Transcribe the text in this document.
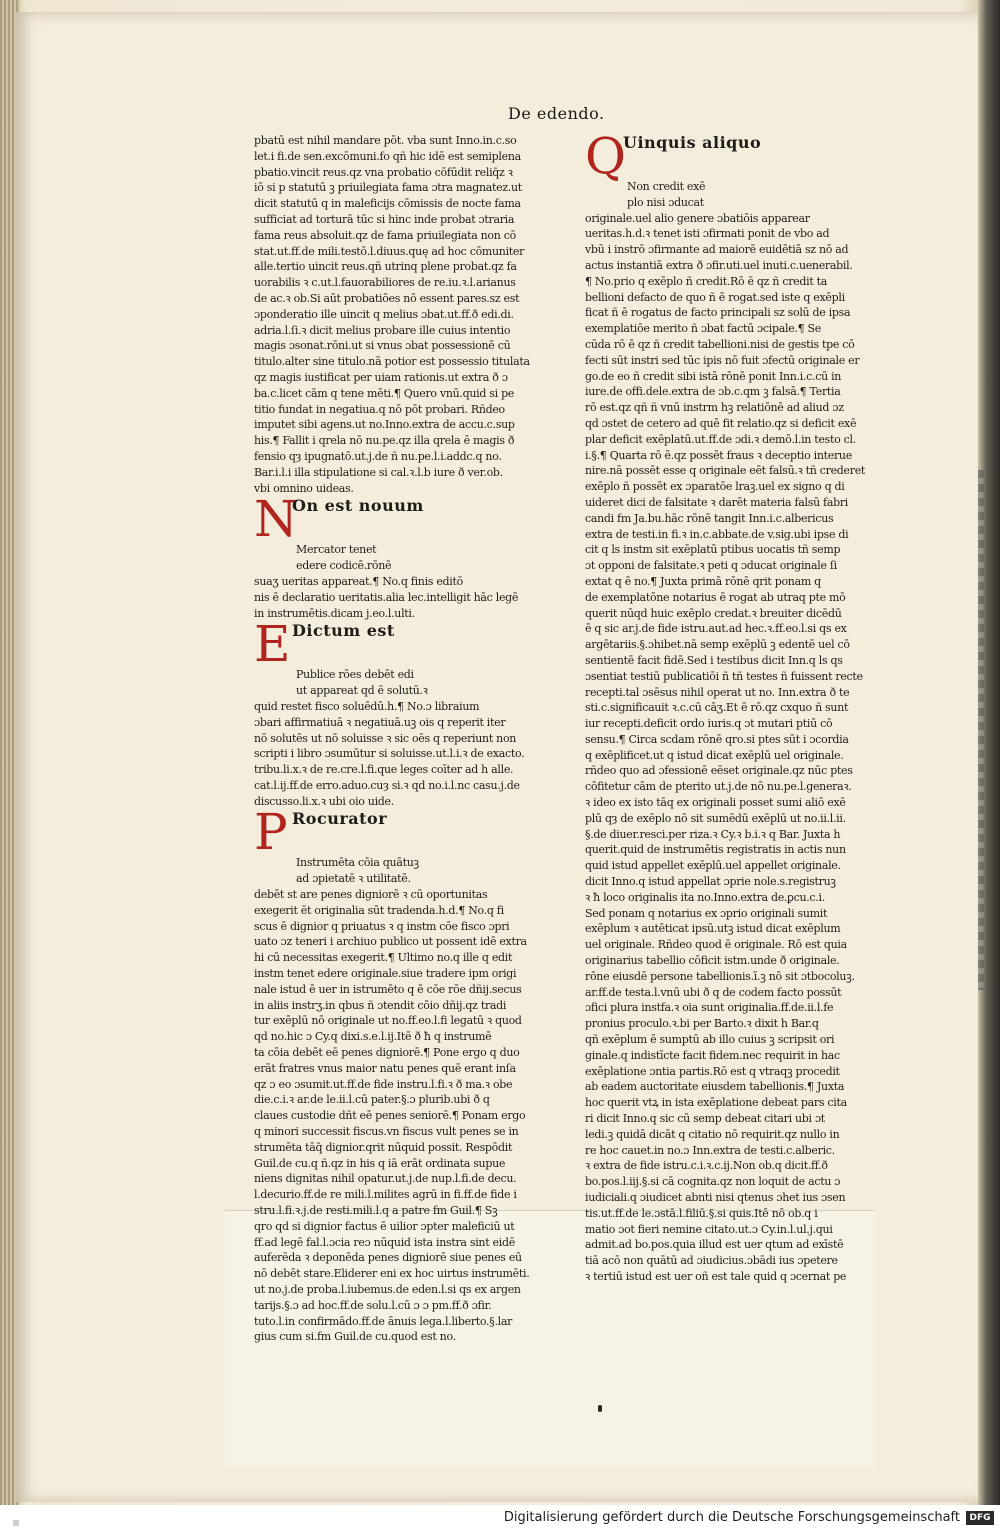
De edendo.
pbatū est nihil mandare pōt. vba sunt Inno.in.c.so
let.i fi.de sen.excōmuni.fo qñ hic idē est semiplena
pbatio.vincit reus.qz vna probatio cōfūdit reliq̄z ꝛ
iō si p statutū ꝫ priuilegiata fama ɔtra magnatez.ut
dicit statutū q in maleficijs cōmissis de nocte fama
sufficiat ad torturā tūc si hinc inde probat ɔtraria
fama reus absoluit.qz de fama priuilegiata non cō
stat.ut.ff.de mili.testō.l.diuus.quę ad hoc cōmuniter
alle.tertio uincit reus.qñ utrinq plene probat.qz fa
uorabilis ꝛ c.ut.l.fauorabiliores de re.iu.ꝛ.l.arianus
de ac.ꝛ ob.Si aūt probatiōes nō essent pares.sz est
ɔponderatio ille uincit q melius ɔbat.ut.ff.ð edi.di.
adria.l.ſi.ꝛ dicit melius probare ille cuius intentio
magis ɔsonat.rōni.ut si vnus ɔbat possessionē cū
titulo.alter sine titulo.nā potior est possessio titulata
qz magis iustificat per uiam rationis.ut extra ð ɔ
ba.c.licet cām q tene mēti.¶ Quero vnū.quid si pe
titio fundat in negatiua.q nō pōt probari. Rñdeo
imputet sibi agens.ut no.Inno.extra de accu.c.sup
his.¶ Fallit i qrela nō nu.pe.qz illa qrela ē magis ð
fensio qȝ ipugnatō.ut.j.de ñ nu.pe.l.i.addc.q no.
Bar.i.l.i illa stipulatione si cal.ꝛ.l.b iure ð ver.ob.
vbi omnino uideas.
N
On est nouum
Mercator tenet
edere codicē.rōnē
suaʒ ueritas appareat.¶ No.q finis editō
nis ē declaratio ueritatis.alia lec.intelligit hāc legē
in instrumētis.dicam j.eo.l.ulti.
E Dictum est
Publice rōes debēt edi
ut appareat qd ē solutū.ꝛ
quid restet fisco soluēdū.h.¶ No.ɔ libraium
ɔbari affirmatiuā ꝛ negatiuā.uꝫ ois q reperit iter
nō solutēs ut nō soluisse ꝛ sic oēs q reperiunt non
scripti i libro ɔsumūtur si soluisse.ut.l.i.ꝛ de exacto.
tribu.li.x.ꝛ de re.cre.l.fi.que leges coīter ad h alle.
cat.l.ij.ff.de erro.aduo.cuȝ si.ꝛ qd no.i.l.nc casu.j.de
discusso.li.x.ꝛ ubi oio uide.
P Rocurator
Instrumēta cōia quātuꝫ
ad ɔpietatē ꝛ utilitatē.
debēt st are penes digniorē ꝛ cū oportunitas
exegerit ēt originalia sūt tradenda.h.d.¶ No.q fi
scus ē dignior q priuatus ꝛ q instm cōe fisco ɔpri
uato ɔz teneri i archiuo publico ut possent idē extra
hi cū necessitas exegerit.¶ Ultimo no.q ille q edit
instm tenet edere originale.siue tradere ipm origi
nale istud ē uer in istrumēto q ē cōe rōe dñij.secus
in aliis instrʒ.in qbus ñ ɔtendit cōio dñij.qz tradi
tur exēplū nō originale ut no.ff.eo.l.fi legatū ꝛ quod
qd no.hic ɔ Cy.q dixi.s.e.l.ij.Itē ð ħ q instrumē
ta cōia debēt eē penes digniorē.¶ Pone ergo q duo
erāt fratres vnus maior natu penes quē erant inſa
qz ɔ eo ɔsumit.ut.ff.de fide instru.l.fi.ꝛ ð ma.ꝛ obe
die.c.i.ꝛ ar.de le.ii.l.cū pater.§.ɔ plurib.ubi ð q
claues custodie dñt eē penes seniorē.¶ Ponam ergo
q minori successit fiscus.vn fiscus vult penes se in
strumēta tāq̄ dignior.qrit nūquid possit. Respōdit
Guil.de cu.q ñ.qz in his q iā erāt ordinata supue
niens dignitas nihil opatur.ut.j.de nup.l.fi.de decu.
l.decurio.ff.de re mili.l.milites agrū in fi.ff.de fide i
stru.l.fi.ꝛ.j.de resti.mili.l.q a patre fm Guil.¶ Sꝫ
qro qd si dignior factus ē uilior ɔpter maleficiū ut
ff.ad legē fal.l.ɔcia reɔ nūquid ista instra sint eidē
auferēda ꝛ deponēda penes digniorē siue penes eū
nō debēt stare.Eliderer eni ex hoc uirtus instrumēti.
ut no.j.de proba.l.iubemus.de eden.l.si qs ex argen
tarijs.§.ɔ ad hoc.ff.de solu.l.cū ɔ ɔ pm.ff.ð ɔfir.
tuto.l.in confirmādo.ff.de ānuis lega.l.liberto.§.lar
gius cum si.fm Guil.de cu.quod est no.
Q
Uinquis aliquo
Non credit exē
plo nisi ɔducat
originale.uel alio genere ɔbatiōis apparear
ueritas.h.d.ꝛ tenet isti ɔfirmati ponit de vbo ad
vbū i instrō ɔfirmante ad maiorē euidētiā sz nō ad
actus instantiā extra ð ɔfir.uti.uel inuti.c.uenerabil.
¶ No.prio q exēplo ñ credit.Rō ē qz ñ credit ta
bellioni defacto de quo ñ ē rogat.sed iste q exēpli
ficat ñ ē rogatus de facto principali sz solū de ipsa
exemplatiōe merito ñ ɔbat factū ɔcipale.¶ Se
cūda rō ē qz ñ credit tabellioni.nisi de gestis tpe cō
fecti sūt instri sed tūc ipis nō fuit ɔfectū originale er
go.de eo ñ credit sibi istā rōnē ponit Inn.i.c.cū in
iure.de offi.dele.extra de ɔb.c.qm ꝫ falsā.¶ Tertia
rō est.qz qñ ñ vnū instrm hꝫ relatiōnē ad aliud ɔz
qd ɔstet de cetero ad quē fit relatio.qz si deficit exē
plar deficit exēplatū.ut.ff.de ɔdi.ꝛ demō.l.in testo cl.
i.§.¶ Quarta rō ē.qz possēt fraus ꝛ deceptio interue
nire.nā possēt esse q originale eēt falsū.ꝛ tñ crederet
exēplo ñ possēt ex ɔparatōe lraꝫ.uel ex signo q di
uideret dici de falsitate ꝛ darēt materia falsū fabri
candi fm Ja.bu.hāc rōnē tangit Inn.i.c.albericus
extra de testi.in fi.ꝛ in.c.abbate.de v.sig.ubi ipse di
cit q ls instm sit exēplatū ptibus uocatis tñ semp
ɔt opponi de falsitate.ꝛ peti q ɔducat originale ſi
extat q ē no.¶ Juxta primā rōnē qrit ponam q
de exemplatōne notarius ē rogat ab utraq pte mō
querit nūqd huic exēplo credat.ꝛ breuiter dicēdū
ē q sic ar.j.de fide istru.aut.ad hec.ꝛ.ff.eo.l.si qs ex
argētariis.§.ɔhibet.nā semp exēplū ꝫ edentē uel cō
sentientē facit fidē.Sed i testibus dicit Inn.q ls qs
ɔsentiat testiū publicatiōi ñ tñ testes ñ fuissent recte
recepti.tal ɔsēsus nihil operat ut no. Inn.extra ð te
sti.c.significauit ꝛ.c.cū cāʒ.Et ē rō.qz cxquo ñ sunt
iur recepti.deficit ordo iuris.q ɔt mutari ptiū cō
sensu.¶ Circa scdam rōnē qro.si ptes sūt i ɔcordia
q exēplificet.ut q istud dicat exēplū uel originale.
rñdeo quo ad ɔfessionē eēset originale.qz nūc ptes
cōfitetur cām de pterito ut.j.de nō nu.pe.l.generaꝛ.
ꝛ ideo ex isto tāq ex originali posset sumi aliō exē
plū qȝ de exēplo nō sit sumēdū exēplū ut no.ii.l.ii.
§.de diuer.resci.per riza.ꝛ Cy.ꝛ b.i.ꝛ q Bar. Juxta h
querit.quid de instrumētis registratis in actis nun
quid istud appellet exēplū.uel appellet originale.
dicit Inno.q istud appellat ɔprie nole.s.registruꝫ
ꝛ ħ loco originalis ita no.Inno.extra de.ꝑcu.c.i.
Sed ponam q notarius ex ɔprio originali sumit
exēplum ꝛ autēticat ipsū.utꝫ istud dicat exēplum
uel originale. Rñdeo quod ē originale. Rō est quia
originarius tabellio cōficit istm.unde ð originale.
rōne eiusdē persone tabellionis.ī.ꝫ nō sit ɔtbocoluꝫ.
ar.ff.de testa.l.vnū ubi ð q de codem facto possūt
ɔfici plura instfa.ꝛ oia sunt originalia.ff.de.ii.l.fe
pronius proculo.ꝛ.bi per Barto.ꝛ dixit h Bar.q
qñ exēplum ē sumptū ab illo cuius ꝫ scripsit ori
ginale.q indistīcte facit fidem.nec requirit in hac
exēplatione ɔntia partis.Rō est q vtraqꝫ procedit
ab eadem auctoritate eiusdem tabellionis.¶ Juxta
hoc querit vtꝝ in ista exēplatione debeat pars cita
ri dicit Inno.q sic cū semp debeat citari ubi ɔt
ledi.ꝫ quidā dicāt q citatio nō requirit.qz nullo in
re hoc cauet.in no.ɔ Inn.extra de testi.c.alberic.
ꝛ extra de fide istru.c.i.ꝛ.c.ij.Non ob.q dicit.ff.ð
bo.pos.l.iij.§.si cā cognita.qz non loquit de actu ɔ
iudiciali.q ɔiudicet abnti nisi qtenus ɔhet ius ɔsen
tis.ut.ff.de le.ɔstā.l.filiū.§.si quis.Itē nō ob.q i
matio ɔot fieri nemine citato.ut.ɔ Cy.in.l.ul.j.qui
admit.ad bo.pos.quia illud est uer qtum ad exīstē
tiā acō non quātū ad ɔiudicius.ɔbādi ius ɔpetere
ꝛ tertiū istud est uer oñ est tale quid q ɔcernat pe
Digitalisierung gefördert durch die Deutsche Forschungsgemeinschaft	DFG
